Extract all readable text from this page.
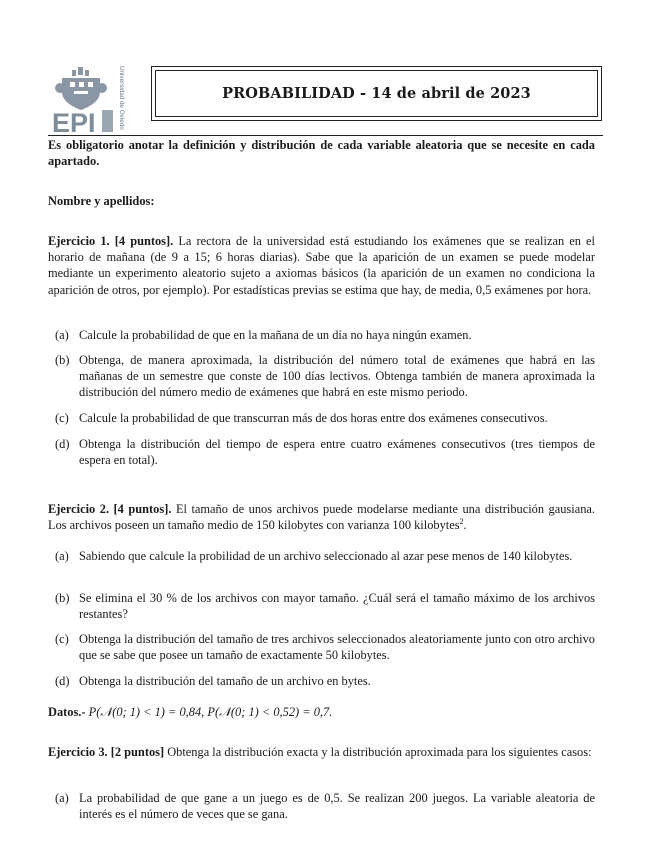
EPI	Universidad de Oviedo	PROBABILIDAD - 14 de abril de 2023
Es obligatorio anotar la definición y distribución de cada variable aleatoria que se necesite en cada apartado.
Nombre y apellidos:
Ejercicio 1. [4 puntos]. La rectora de la universidad está estudiando los exámenes que se realizan en el horario de mañana (de 9 a 15; 6 horas diarias). Sabe que la aparición de un examen se puede modelar mediante un experimento aleatorio sujeto a axiomas básicos (la aparición de un examen no condiciona la aparición de otros, por ejemplo). Por estadísticas previas se estima que hay, de media, 0,5 exámenes por hora.
(a) Calcule la probabilidad de que en la mañana de un día no haya ningún examen.
(b) Obtenga, de manera aproximada, la distribución del número total de exámenes que habrá en las mañanas de un semestre que conste de 100 días lectivos. Obtenga también de manera aproximada la distribución del número medio de exámenes que habrá en este mismo periodo.
(c) Calcule la probabilidad de que transcurran más de dos horas entre dos exámenes consecutivos.
(d) Obtenga la distribución del tiempo de espera entre cuatro exámenes consecutivos (tres tiempos de espera en total).
Ejercicio 2. [4 puntos]. El tamaño de unos archivos puede modelarse mediante una distribución gausiana. Los archivos poseen un tamaño medio de 150 kilobytes con varianza 100 kilobytes$^2$.
(a) Sabiendo que calcule la probilidad de un archivo seleccionado al azar pese menos de 140 kilobytes.
(b) Se elimina el 30 % de los archivos con mayor tamaño. ¿Cuál será el tamaño máximo de los archivos restantes?
(c) Obtenga la distribución del tamaño de tres archivos seleccionados aleatoriamente junto con otro archivo que se sabe que posee un tamaño de exactamente 50 kilobytes.
(d) Obtenga la distribución del tamaño de un archivo en bytes.
Datos.- P(𝒩(0; 1) < 1) = 0,84, P(𝒩(0; 1) < 0,52) = 0,7.
Ejercicio 3. [2 puntos] Obtenga la distribución exacta y la distribución aproximada para los siguientes casos:
(a) La probabilidad de que gane a un juego es de 0,5. Se realizan 200 juegos. La variable aleatoria de interés es el número de veces que se gana.
